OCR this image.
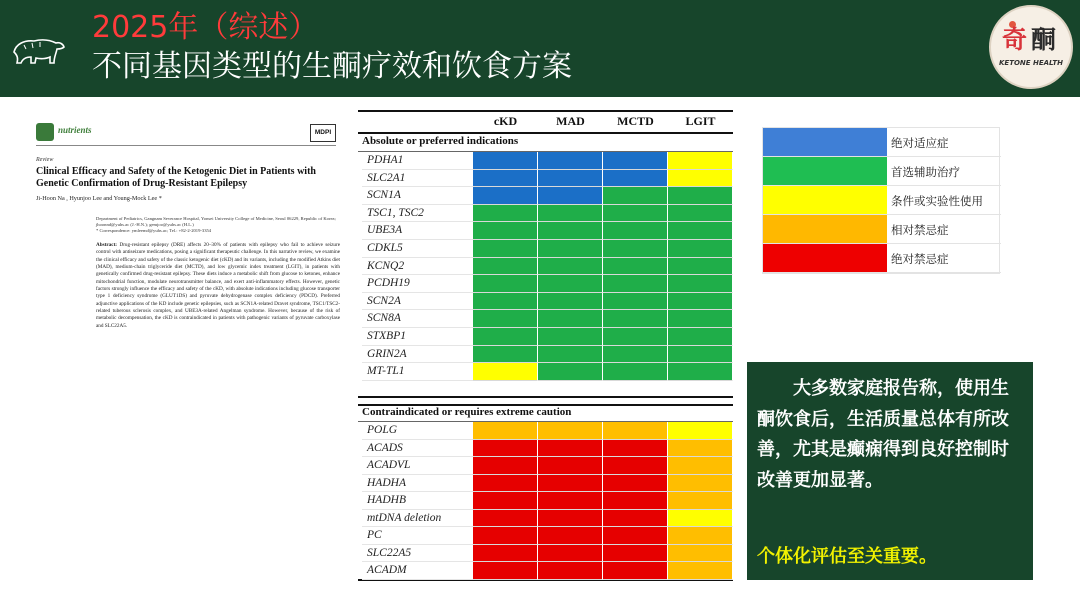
2025年（综述）
不同基因类型的生酮疗效和饮食方案
奇酮
KETONE HEALTH
nutrients	MDPI
Review
Clinical Efficacy and Safety of the Ketogenic Diet in Patients with Genetic Confirmation of Drug-Resistant Epilepsy
Ji-Hoon Na , Hyunjoo Lee and Young-Mock Lee *
Department of Pediatrics, Gangnam Severance Hospital, Yonsei University College of Medicine, Seoul 06229, Republic of Korea; jhoonnd@yuhs.ac (J.-H.N.); gemjoo@yuhs.ac (H.L.)
* Correspondence: ymleemd@yuhs.ac; Tel.: +82-2-2019-3354
Abstract: Drug-resistant epilepsy (DRE) affects 20–30% of patients with epilepsy who fail to achieve seizure control with antiseizure medications, posing a significant therapeutic challenge. In this narrative review, we examine the clinical efficacy and safety of the classic ketogenic diet (cKD) and its variants, including the modified Atkins diet (MAD), medium-chain triglyceride diet (MCTD), and low glycemic index treatment (LGIT), in patients with genetically confirmed drug-resistant epilepsy. These diets induce a metabolic shift from glucose to ketones, enhance mitochondrial function, modulate neurotransmitter balance, and exert anti-inflammatory effects. However, genetic factors strongly influence the efficacy and safety of the cKD, with absolute indications including glucose transporter type 1 deficiency syndrome (GLUT1DS) and pyruvate dehydrogenase complex deficiency (PDCD). Preferred adjunctive applications of the KD include genetic epilepsies, such as SCN1A-related Dravet syndrome, TSC1/TSC2-related tuberous sclerosis complex, and UBE3A-related Angelman syndrome. However, because of the risk of metabolic decompensation, the cKD is contraindicated in patients with pathogenic variants of pyruvate carboxylase and SLC22A5.
cKD	MAD	MCTD	LGIT
Absolute or preferred indications
Contraindicated or requires extreme caution
PDHA1
SLC2A1
SCN1A
TSC1, TSC2
UBE3A
CDKL5
KCNQ2
PCDH19
SCN2A
SCN8A
STXBP1
GRIN2A
MT-TL1
POLG
ACADS
ACADVL
HADHA
HADHB
mtDNA deletion
PC
SLC22A5
ACADM
绝对适应症
首选辅助治疗
条件或实验性使用
相对禁忌症
绝对禁忌症
大多数家庭报告称，使用生酮饮食后，生活质量总体有所改善，尤其是癫痫得到良好控制时改善更加显著。
个体化评估至关重要。
